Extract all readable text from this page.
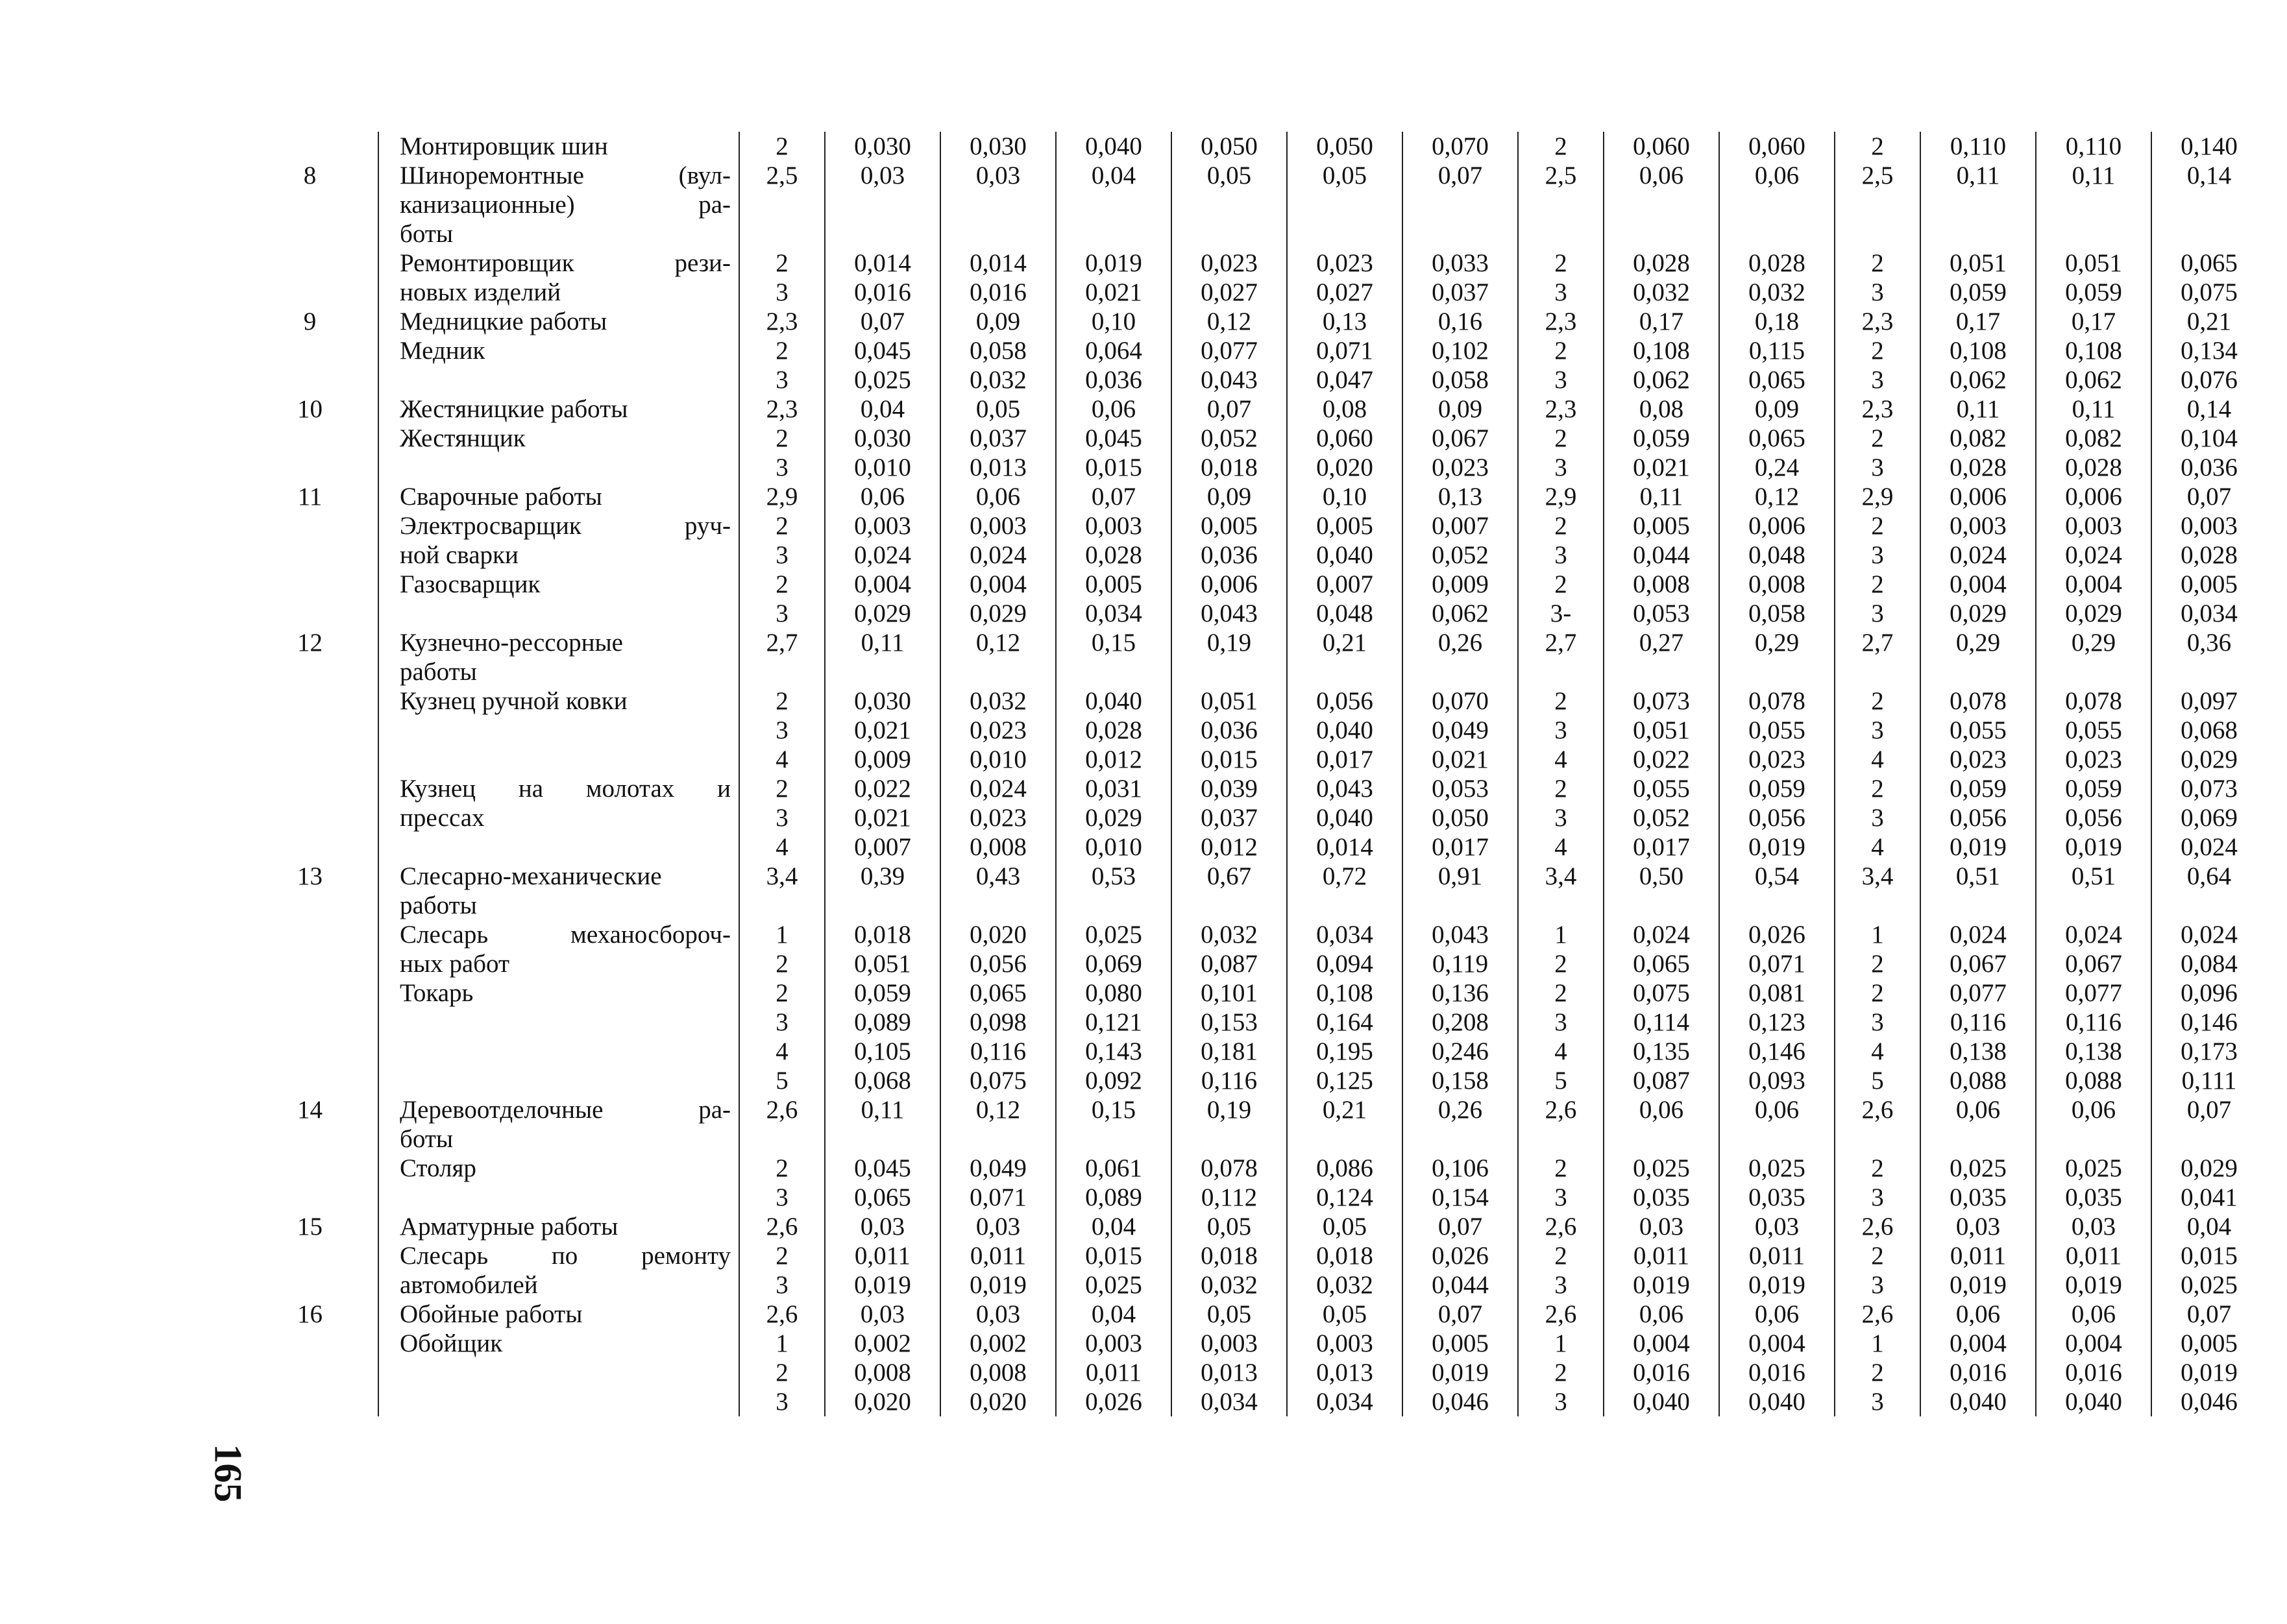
	Монтировщик шин	2	0,030	0,030	0,040	0,050	0,050	0,070	2	0,060	0,060	2	0,110	0,110	0,140
8	Шиноремонтные (вул-	2,5	0,03	0,03	0,04	0,05	0,05	0,07	2,5	0,06	0,06	2,5	0,11	0,11	0,14
	канизационные) ра-														
	боты														
	Ремонтировщик рези-	2	0,014	0,014	0,019	0,023	0,023	0,033	2	0,028	0,028	2	0,051	0,051	0,065
	новых изделий	3	0,016	0,016	0,021	0,027	0,027	0,037	3	0,032	0,032	3	0,059	0,059	0,075
9	Медницкие работы	2,3	0,07	0,09	0,10	0,12	0,13	0,16	2,3	0,17	0,18	2,3	0,17	0,17	0,21
	Медник	2	0,045	0,058	0,064	0,077	0,071	0,102	2	0,108	0,115	2	0,108	0,108	0,134
		3	0,025	0,032	0,036	0,043	0,047	0,058	3	0,062	0,065	3	0,062	0,062	0,076
10	Жестяницкие работы	2,3	0,04	0,05	0,06	0,07	0,08	0,09	2,3	0,08	0,09	2,3	0,11	0,11	0,14
	Жестянщик	2	0,030	0,037	0,045	0,052	0,060	0,067	2	0,059	0,065	2	0,082	0,082	0,104
		3	0,010	0,013	0,015	0,018	0,020	0,023	3	0,021	0,24	3	0,028	0,028	0,036
11	Сварочные работы	2,9	0,06	0,06	0,07	0,09	0,10	0,13	2,9	0,11	0,12	2,9	0,006	0,006	0,07
	Электросварщик руч-	2	0,003	0,003	0,003	0,005	0,005	0,007	2	0,005	0,006	2	0,003	0,003	0,003
	ной сварки	3	0,024	0,024	0,028	0,036	0,040	0,052	3	0,044	0,048	3	0,024	0,024	0,028
	Газосварщик	2	0,004	0,004	0,005	0,006	0,007	0,009	2	0,008	0,008	2	0,004	0,004	0,005
		3	0,029	0,029	0,034	0,043	0,048	0,062	3-	0,053	0,058	3	0,029	0,029	0,034
12	Кузнечно-рессорные	2,7	0,11	0,12	0,15	0,19	0,21	0,26	2,7	0,27	0,29	2,7	0,29	0,29	0,36
	работы														
	Кузнец ручной ковки	2	0,030	0,032	0,040	0,051	0,056	0,070	2	0,073	0,078	2	0,078	0,078	0,097
		3	0,021	0,023	0,028	0,036	0,040	0,049	3	0,051	0,055	3	0,055	0,055	0,068
		4	0,009	0,010	0,012	0,015	0,017	0,021	4	0,022	0,023	4	0,023	0,023	0,029
	Кузнец на молотах и	2	0,022	0,024	0,031	0,039	0,043	0,053	2	0,055	0,059	2	0,059	0,059	0,073
	прессах	3	0,021	0,023	0,029	0,037	0,040	0,050	3	0,052	0,056	3	0,056	0,056	0,069
		4	0,007	0,008	0,010	0,012	0,014	0,017	4	0,017	0,019	4	0,019	0,019	0,024
13	Слесарно-механические	3,4	0,39	0,43	0,53	0,67	0,72	0,91	3,4	0,50	0,54	3,4	0,51	0,51	0,64
	работы														
	Слесарь механосбороч-	1	0,018	0,020	0,025	0,032	0,034	0,043	1	0,024	0,026	1	0,024	0,024	0,024
	ных работ	2	0,051	0,056	0,069	0,087	0,094	0,119	2	0,065	0,071	2	0,067	0,067	0,084
	Токарь	2	0,059	0,065	0,080	0,101	0,108	0,136	2	0,075	0,081	2	0,077	0,077	0,096
		3	0,089	0,098	0,121	0,153	0,164	0,208	3	0,114	0,123	3	0,116	0,116	0,146
		4	0,105	0,116	0,143	0,181	0,195	0,246	4	0,135	0,146	4	0,138	0,138	0,173
		5	0,068	0,075	0,092	0,116	0,125	0,158	5	0,087	0,093	5	0,088	0,088	0,111
14	Деревоотделочные ра-	2,6	0,11	0,12	0,15	0,19	0,21	0,26	2,6	0,06	0,06	2,6	0,06	0,06	0,07
	боты														
	Столяр	2	0,045	0,049	0,061	0,078	0,086	0,106	2	0,025	0,025	2	0,025	0,025	0,029
		3	0,065	0,071	0,089	0,112	0,124	0,154	3	0,035	0,035	3	0,035	0,035	0,041
15	Арматурные работы	2,6	0,03	0,03	0,04	0,05	0,05	0,07	2,6	0,03	0,03	2,6	0,03	0,03	0,04
	Слесарь по ремонту	2	0,011	0,011	0,015	0,018	0,018	0,026	2	0,011	0,011	2	0,011	0,011	0,015
	автомобилей	3	0,019	0,019	0,025	0,032	0,032	0,044	3	0,019	0,019	3	0,019	0,019	0,025
16	Обойные работы	2,6	0,03	0,03	0,04	0,05	0,05	0,07	2,6	0,06	0,06	2,6	0,06	0,06	0,07
	Обойщик	1	0,002	0,002	0,003	0,003	0,003	0,005	1	0,004	0,004	1	0,004	0,004	0,005
		2	0,008	0,008	0,011	0,013	0,013	0,019	2	0,016	0,016	2	0,016	0,016	0,019
		3	0,020	0,020	0,026	0,034	0,034	0,046	3	0,040	0,040	3	0,040	0,040	0,046
165
